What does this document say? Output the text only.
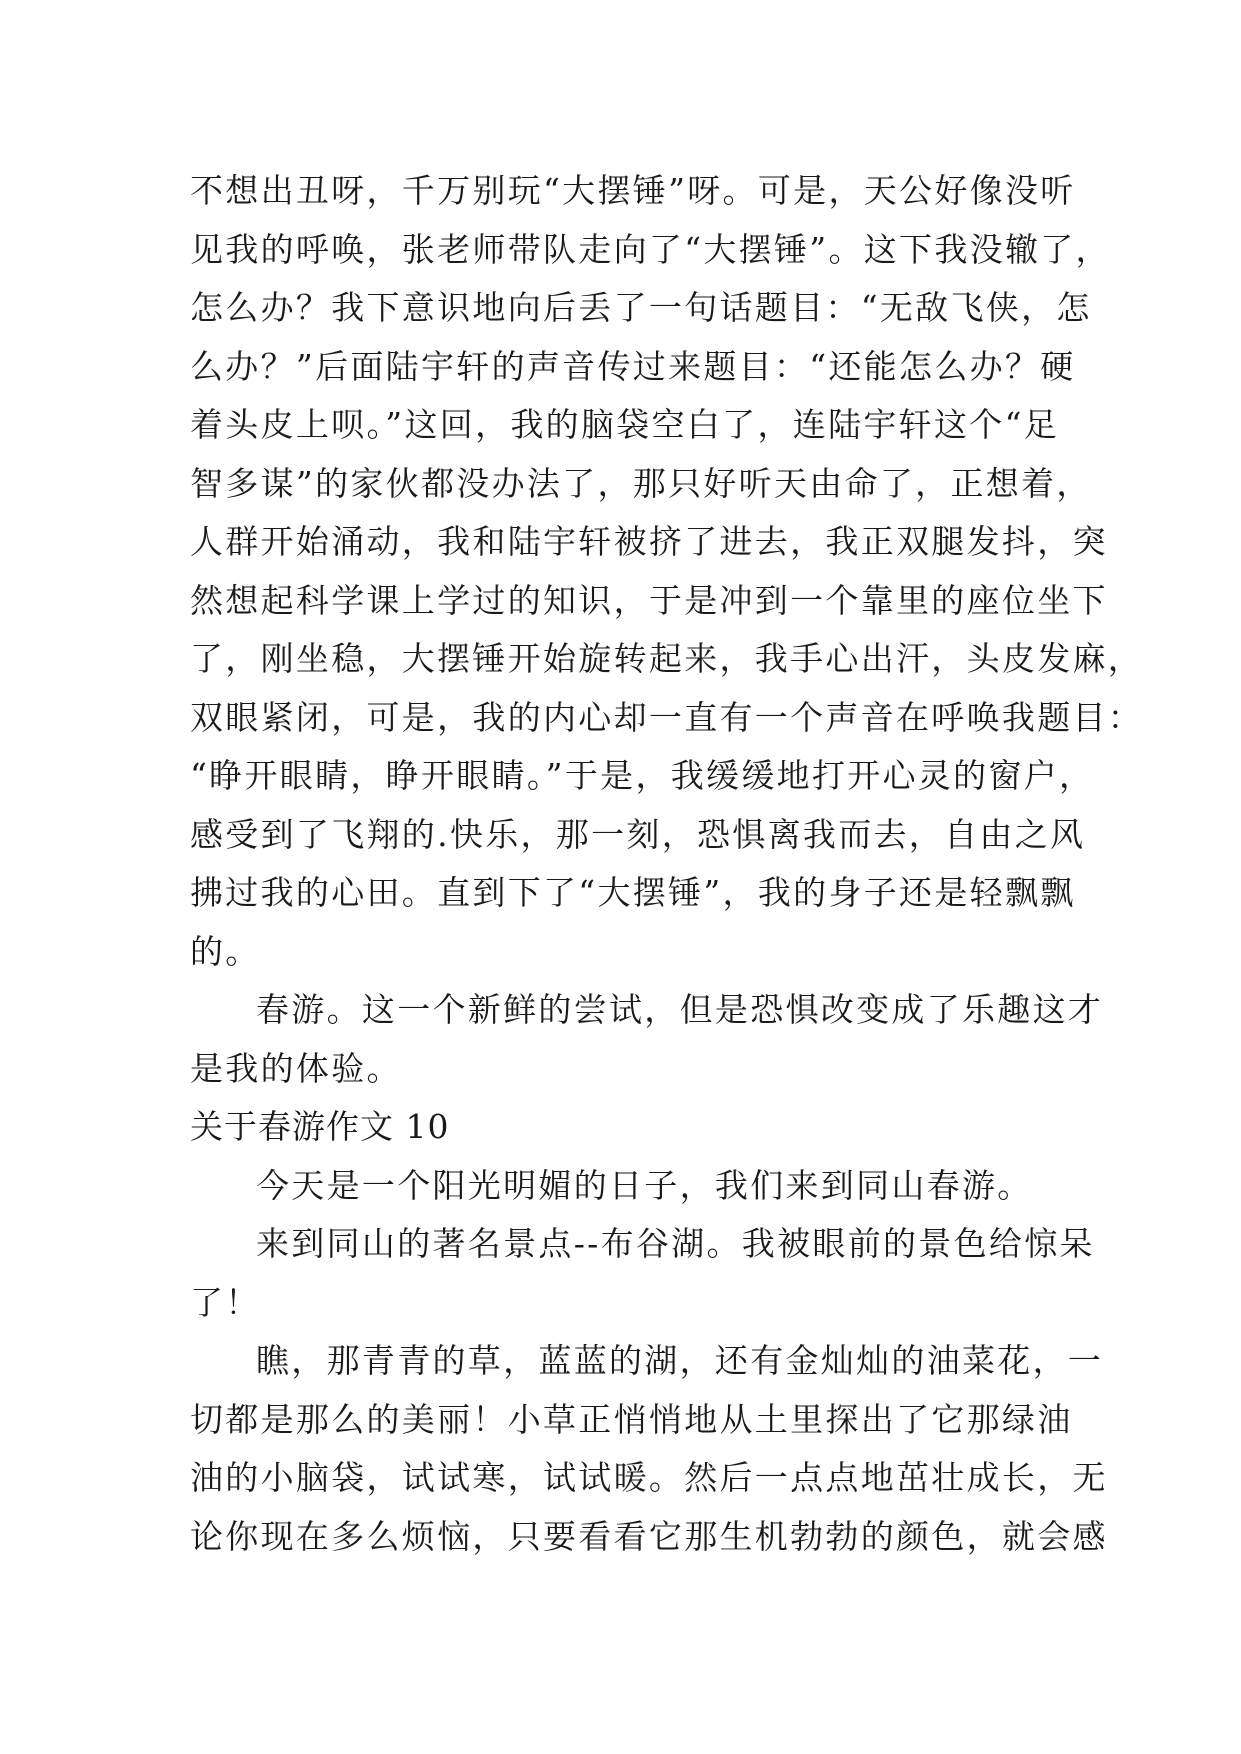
不想出丑呀，千万别玩“大摆锤”呀。可是，天公好像没听
见我的呼唤，张老师带队走向了“大摆锤”。这下我没辙了，
怎么办？我下意识地向后丢了一句话题目：“无敌飞侠，怎
么办？”后面陆宇轩的声音传过来题目：“还能怎么办？硬
着头皮上呗。”这回，我的脑袋空白了，连陆宇轩这个“足
智多谋”的家伙都没办法了，那只好听天由命了，正想着，
人群开始涌动，我和陆宇轩被挤了进去，我正双腿发抖，突
然想起科学课上学过的知识，于是冲到一个靠里的座位坐下
了，刚坐稳，大摆锤开始旋转起来，我手心出汗，头皮发麻，
双眼紧闭，可是，我的内心却一直有一个声音在呼唤我题目：
“睁开眼睛，睁开眼睛。”于是，我缓缓地打开心灵的窗户，
感受到了飞翔的.快乐，那一刻，恐惧离我而去，自由之风
拂过我的心田。直到下了“大摆锤”，我的身子还是轻飘飘
的。
春游。这一个新鲜的尝试，但是恐惧改变成了乐趣这才
是我的体验。
关于春游作文 10
今天是一个阳光明媚的日子，我们来到同山春游。
来到同山的著名景点--布谷湖。我被眼前的景色给惊呆
了！
瞧，那青青的草，蓝蓝的湖，还有金灿灿的油菜花，一
切都是那么的美丽！小草正悄悄地从土里探出了它那绿油
油的小脑袋，试试寒，试试暖。然后一点点地茁壮成长，无
论你现在多么烦恼，只要看看它那生机勃勃的颜色，就会感
